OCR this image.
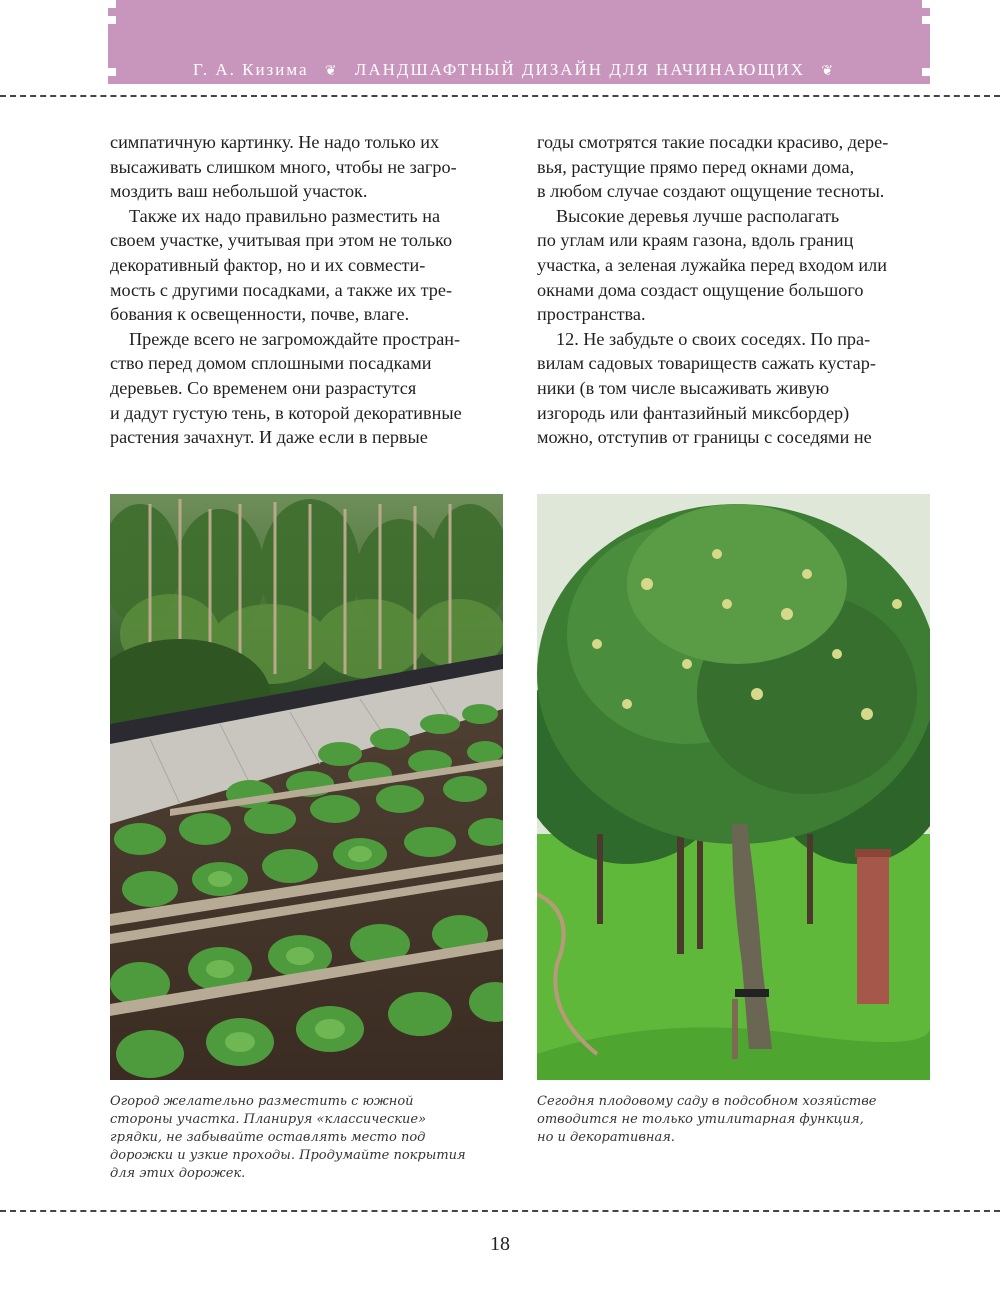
Г. А. Кизима ❦ ЛАНДШАФТНЫЙ ДИЗАЙН ДЛЯ НАЧИНАЮЩИХ ❦
симпатичную картинку. Не надо только их
высаживать слишком много, чтобы не загро-
моздить ваш небольшой участок.
Также их надо правильно разместить на
своем участке, учитывая при этом не только
декоративный фактор, но и их совмести-
мость с другими посадками, а также их тре-
бования к освещенности, почве, влаге.
Прежде всего не загромождайте простран-
ство перед домом сплошными посадками
деревьев. Со временем они разрастутся
и дадут густую тень, в которой декоративные
растения зачахнут. И даже если в первые
годы смотрятся такие посадки красиво, дере-
вья, растущие прямо перед окнами дома,
в любом случае создают ощущение тесноты.
Высокие деревья лучше располагать
по углам или краям газона, вдоль границ
участка, а зеленая лужайка перед входом или
окнами дома создаст ощущение большого
пространства.
12. Не забудьте о своих соседях. По пра-
вилам садовых товариществ сажать кустар-
ники (в том числе высаживать живую
изгородь или фантазийный миксбордер)
можно, отступив от границы с соседями не
Огород желательно разместить с южной
стороны участка. Планируя «классические»
грядки, не забывайте оставлять место под
дорожки и узкие проходы. Продумайте покрытия
для этих дорожек.
Сегодня плодовому саду в подсобном хозяйстве
отводится не только утилитарная функция,
но и декоративная.
18
